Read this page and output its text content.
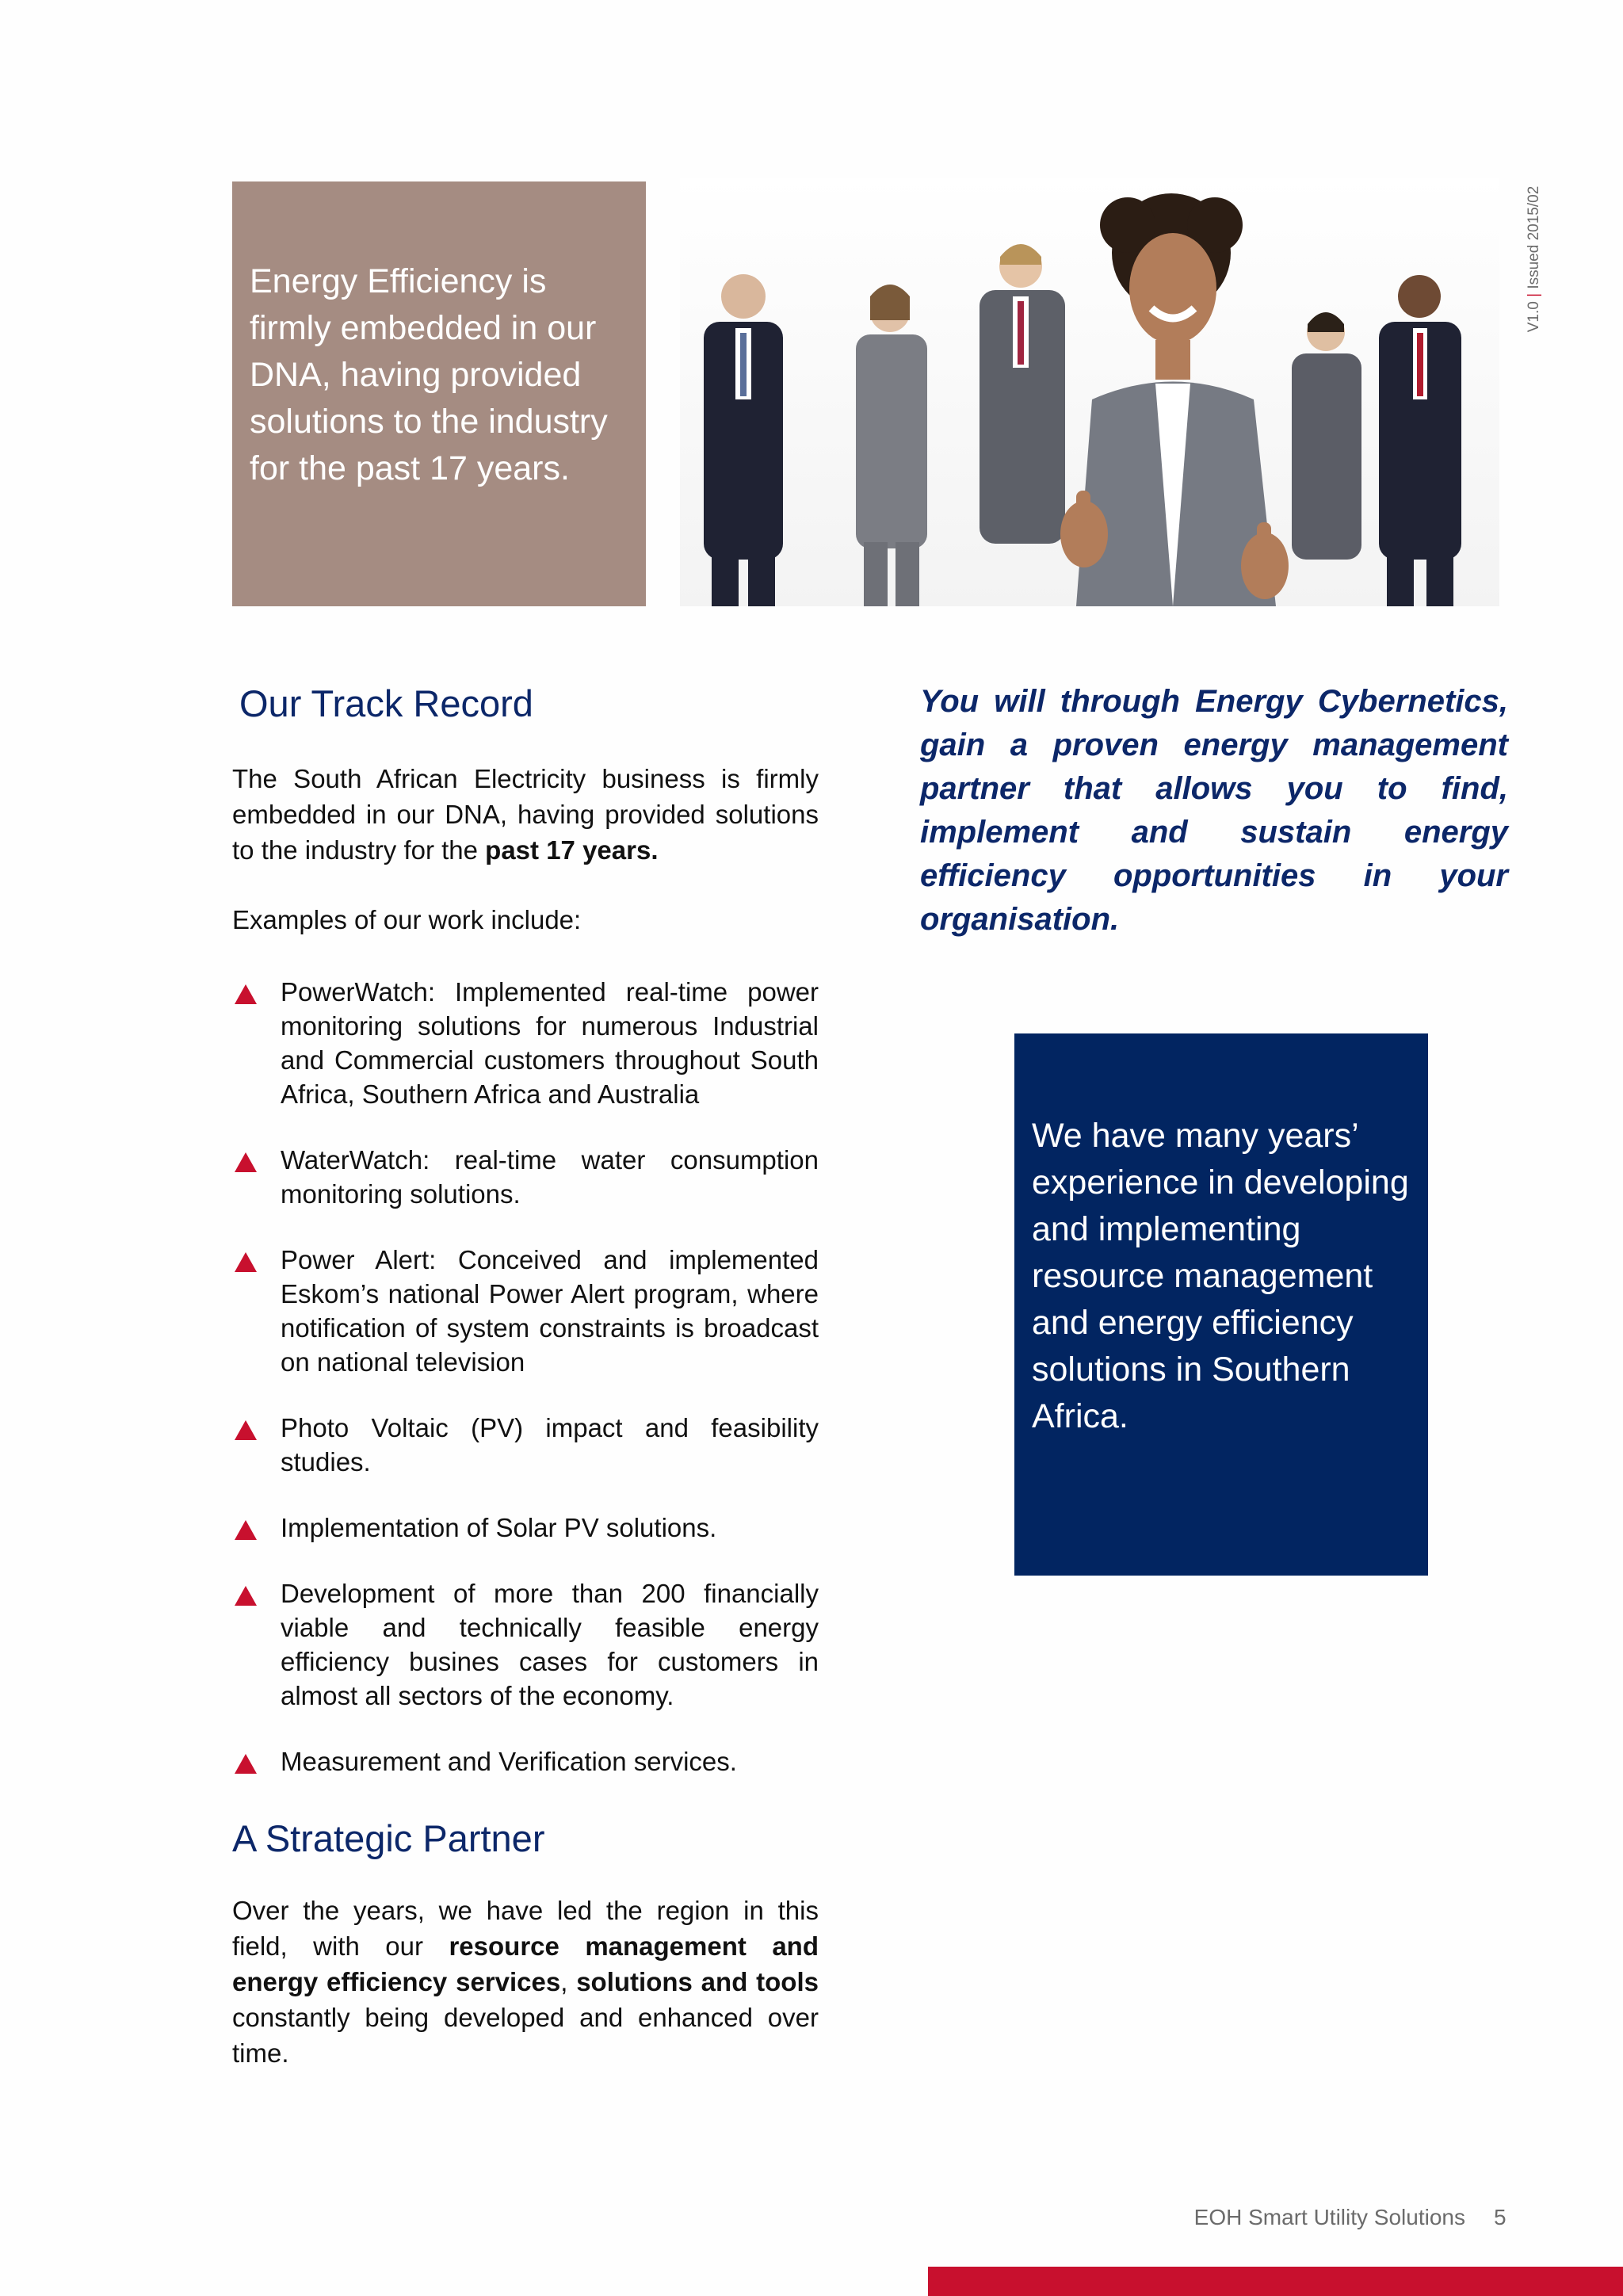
Energy Efficiency is firmly embedded in our DNA, having provided solutions to the industry for the past 17 years.
V1.0 | Issued 2015/02
Our Track Record
The South African Electricity business is firmly embedded in our DNA, having provided solutions to the industry for the past 17 years.
Examples of our work include:
PowerWatch: Implemented real-time power monitoring solutions for numerous Industrial and Commercial customers throughout South Africa, Southern Africa and Australia
WaterWatch: real-time water consumption monitoring solutions.
Power Alert: Conceived and implemented Eskom’s national Power Alert program, where notification of system constraints is broadcast on national television
Photo Voltaic (PV) impact and feasibility studies.
Implementation of Solar PV solutions.
Development of more than 200 financially viable and technically feasible energy efficiency busines cases for customers in almost all sectors of the economy.
Measurement and Verification services.
A Strategic Partner
Over the years, we have led the region in this field, with our resource management and energy efficiency services, solutions and tools constantly being developed and enhanced over time.
You will through Energy Cybernetics, gain a proven energy management partner that allows you to find, implement and sustain energy efficiency opportunities in your organisation.
We have many years’ experience in developing and implementing resource management and energy efficiency solutions in Southern Africa.
EOH Smart Utility Solutions 5
